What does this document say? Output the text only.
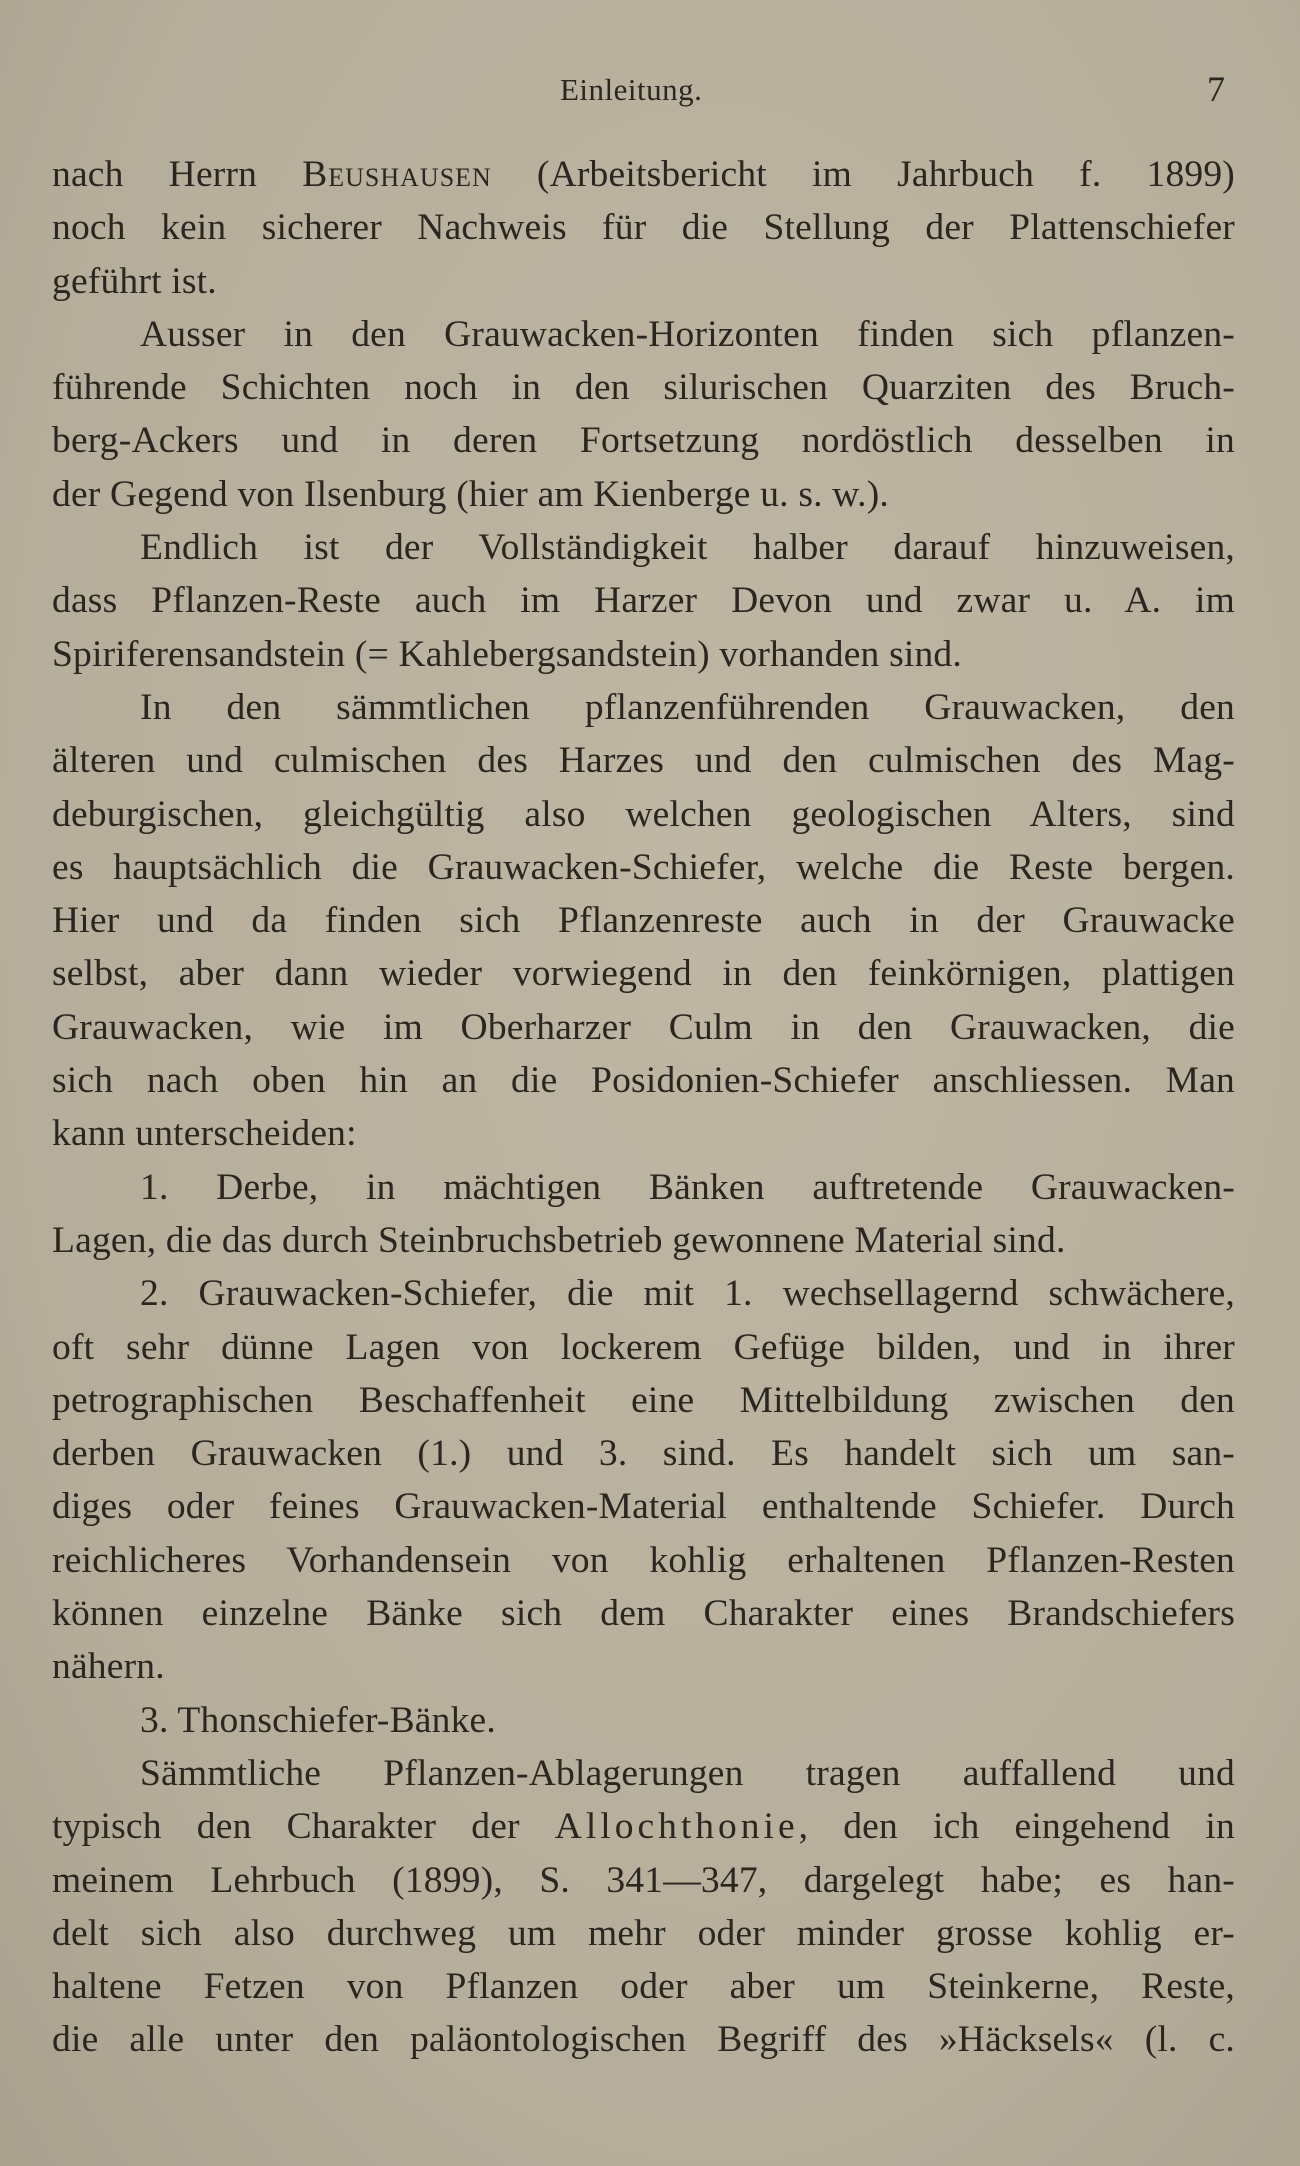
Einleitung.	7
nach Herrn Beushausen (Arbeitsbericht im Jahrbuch f. 1899)
noch kein sicherer Nachweis für die Stellung der Plattenschiefer
geführt ist.
Ausser in den Grauwacken-Horizonten finden sich pflanzen-
führende Schichten noch in den silurischen Quarziten des Bruch-
berg-Ackers und in deren Fortsetzung nordöstlich desselben in
der Gegend von Ilsenburg (hier am Kienberge u. s. w.).
Endlich ist der Vollständigkeit halber darauf hinzuweisen,
dass Pflanzen-Reste auch im Harzer Devon und zwar u. A. im
Spiriferensandstein (= Kahlebergsandstein) vorhanden sind.
In den sämmtlichen pflanzenführenden Grauwacken, den
älteren und culmischen des Harzes und den culmischen des Mag-
deburgischen, gleichgültig also welchen geologischen Alters, sind
es hauptsächlich die Grauwacken-Schiefer, welche die Reste bergen.
Hier und da finden sich Pflanzenreste auch in der Grauwacke
selbst, aber dann wieder vorwiegend in den feinkörnigen, plattigen
Grauwacken, wie im Oberharzer Culm in den Grauwacken, die
sich nach oben hin an die Posidonien-Schiefer anschliessen. Man
kann unterscheiden:
1. Derbe, in mächtigen Bänken auftretende Grauwacken-
Lagen, die das durch Steinbruchsbetrieb gewonnene Material sind.
2. Grauwacken-Schiefer, die mit 1. wechsellagernd schwächere,
oft sehr dünne Lagen von lockerem Gefüge bilden, und in ihrer
petrographischen Beschaffenheit eine Mittelbildung zwischen den
derben Grauwacken (1.) und 3. sind. Es handelt sich um san-
diges oder feines Grauwacken-Material enthaltende Schiefer. Durch
reichlicheres Vorhandensein von kohlig erhaltenen Pflanzen-Resten
können einzelne Bänke sich dem Charakter eines Brandschiefers
nähern.
3. Thonschiefer-Bänke.
Sämmtliche Pflanzen-Ablagerungen tragen auffallend und
typisch den Charakter der Allochthonie, den ich eingehend in
meinem Lehrbuch (1899), S. 341—347, dargelegt habe; es han-
delt sich also durchweg um mehr oder minder grosse kohlig er-
haltene Fetzen von Pflanzen oder aber um Steinkerne, Reste,
die alle unter den paläontologischen Begriff des »Häcksels« (l. c.
